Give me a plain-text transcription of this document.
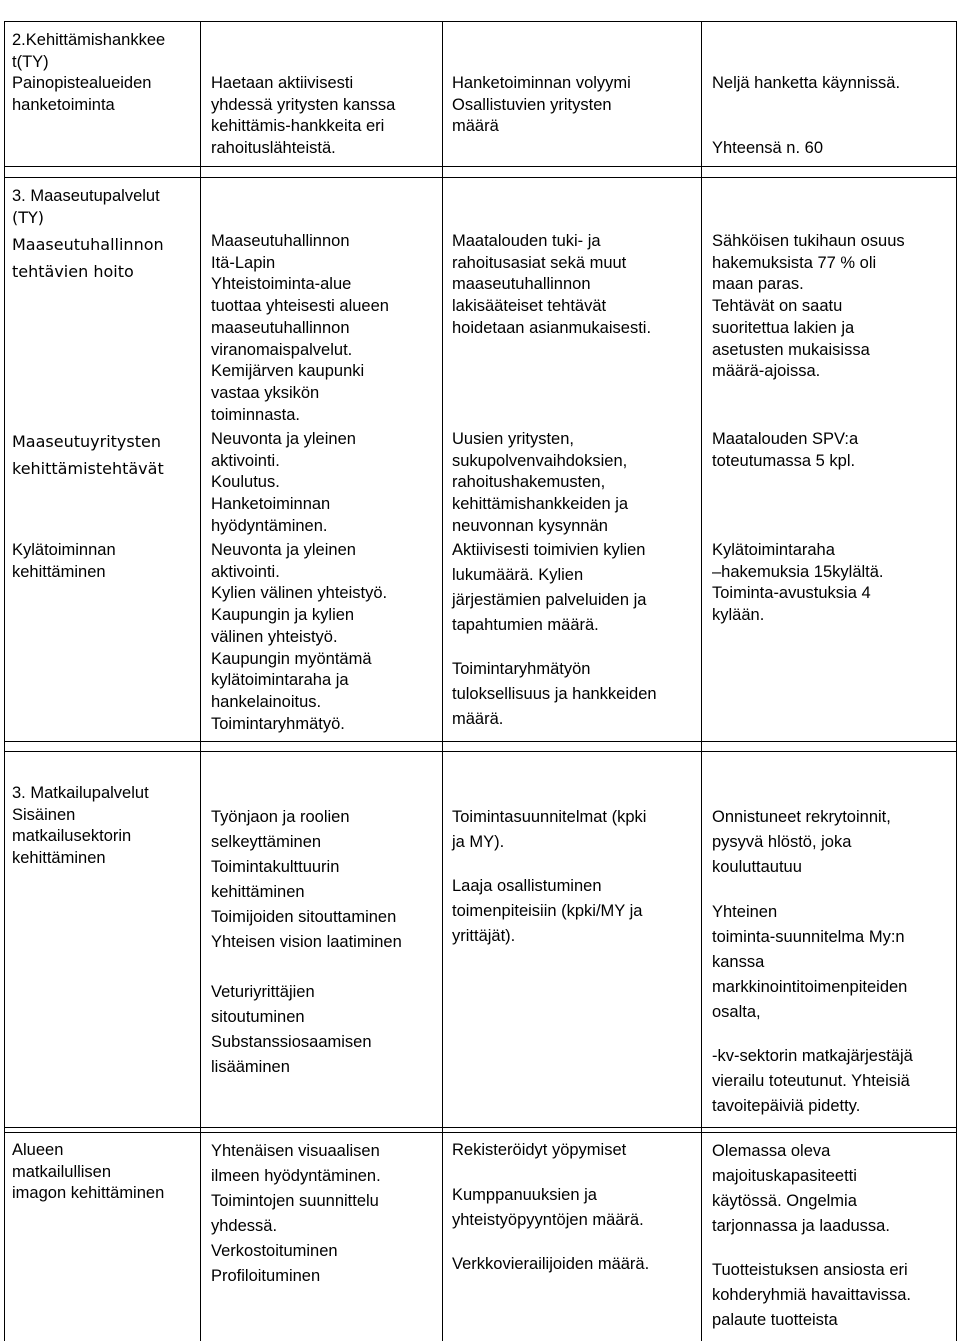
2.Kehittämishankkee
t(TY)
Painopistealueiden
hanketoiminta
Haetaan aktiivisesti
yhdessä yritysten kanssa
kehittämis-hankkeita eri
rahoituslähteistä.
Hanketoiminnan volyymi
Osallistuvien yritysten
määrä
Neljä hanketta käynnissä.
Yhteensä n. 60
3. Maaseutupalvelut
(TY)
Maaseutuhallinnon
tehtävien hoito
Maaseutuyritysten
kehittämistehtävät
Kylätoiminnan
kehittäminen
Maaseutuhallinnon
Itä-Lapin
Yhteistoiminta-alue
tuottaa yhteisesti alueen
maaseutuhallinnon
viranomaispalvelut.
Kemijärven kaupunki
vastaa yksikön
toiminnasta.
Neuvonta ja yleinen
aktivointi.
Koulutus.
Hanketoiminnan
hyödyntäminen.
Neuvonta ja yleinen
aktivointi.
Kylien välinen yhteistyö.
Kaupungin ja kylien
välinen yhteistyö.
Kaupungin myöntämä
kylätoimintaraha ja
hankelainoitus.
Toimintaryhmätyö.
Maatalouden tuki- ja
rahoitusasiat sekä muut
maaseutuhallinnon
lakisääteiset tehtävät
hoidetaan asianmukaisesti.
Uusien yritysten,
sukupolvenvaihdoksien,
rahoitushakemusten,
kehittämishankkeiden ja
neuvonnan kysynnän
Aktiivisesti toimivien kylien
lukumäärä. Kylien
järjestämien palveluiden ja
tapahtumien määrä.
Toimintaryhmätyön
tuloksellisuus ja hankkeiden
määrä.
Sähköisen tukihaun osuus
hakemuksista 77 % oli
maan paras.
Tehtävät on saatu
suoritettua lakien ja
asetusten mukaisissa
määrä-ajoissa.
Maatalouden SPV:a
toteutumassa 5 kpl.
Kylätoimintaraha
–hakemuksia 15kylältä.
Toiminta-avustuksia 4
kylään.
3. Matkailupalvelut
Sisäinen
matkailusektorin
kehittäminen
Työnjaon ja roolien
selkeyttäminen
Toimintakulttuurin
kehittäminen
Toimijoiden sitouttaminen
Yhteisen vision laatiminen
Veturiyrittäjien
sitoutuminen
Substanssiosaamisen
lisääminen
Toimintasuunnitelmat (kpki
ja MY).
Laaja osallistuminen
toimenpiteisiin (kpki/MY ja
yrittäjät).
Onnistuneet rekrytoinnit,
pysyvä hlöstö, joka
kouluttautuu
Yhteinen
toiminta-suunnitelma My:n
kanssa
markkinointitoimenpiteiden
osalta,
-kv-sektorin matkajärjestäjä
vierailu toteutunut. Yhteisiä
tavoitepäiviä pidetty.
Alueen
matkailullisen
imagon kehittäminen
Yhtenäisen visuaalisen
ilmeen hyödyntäminen.
Toimintojen suunnittelu
yhdessä.
Verkostoituminen
Profiloituminen
Rekisteröidyt yöpymiset
Kumppanuuksien ja
yhteistyöpyyntöjen määrä.
Verkkovierailijoiden määrä.
Olemassa oleva
majoituskapasiteetti
käytössä. Ongelmia
tarjonnassa ja laadussa.
Tuotteistuksen ansiosta eri
kohderyhmiä havaittavissa.
palaute tuotteista
